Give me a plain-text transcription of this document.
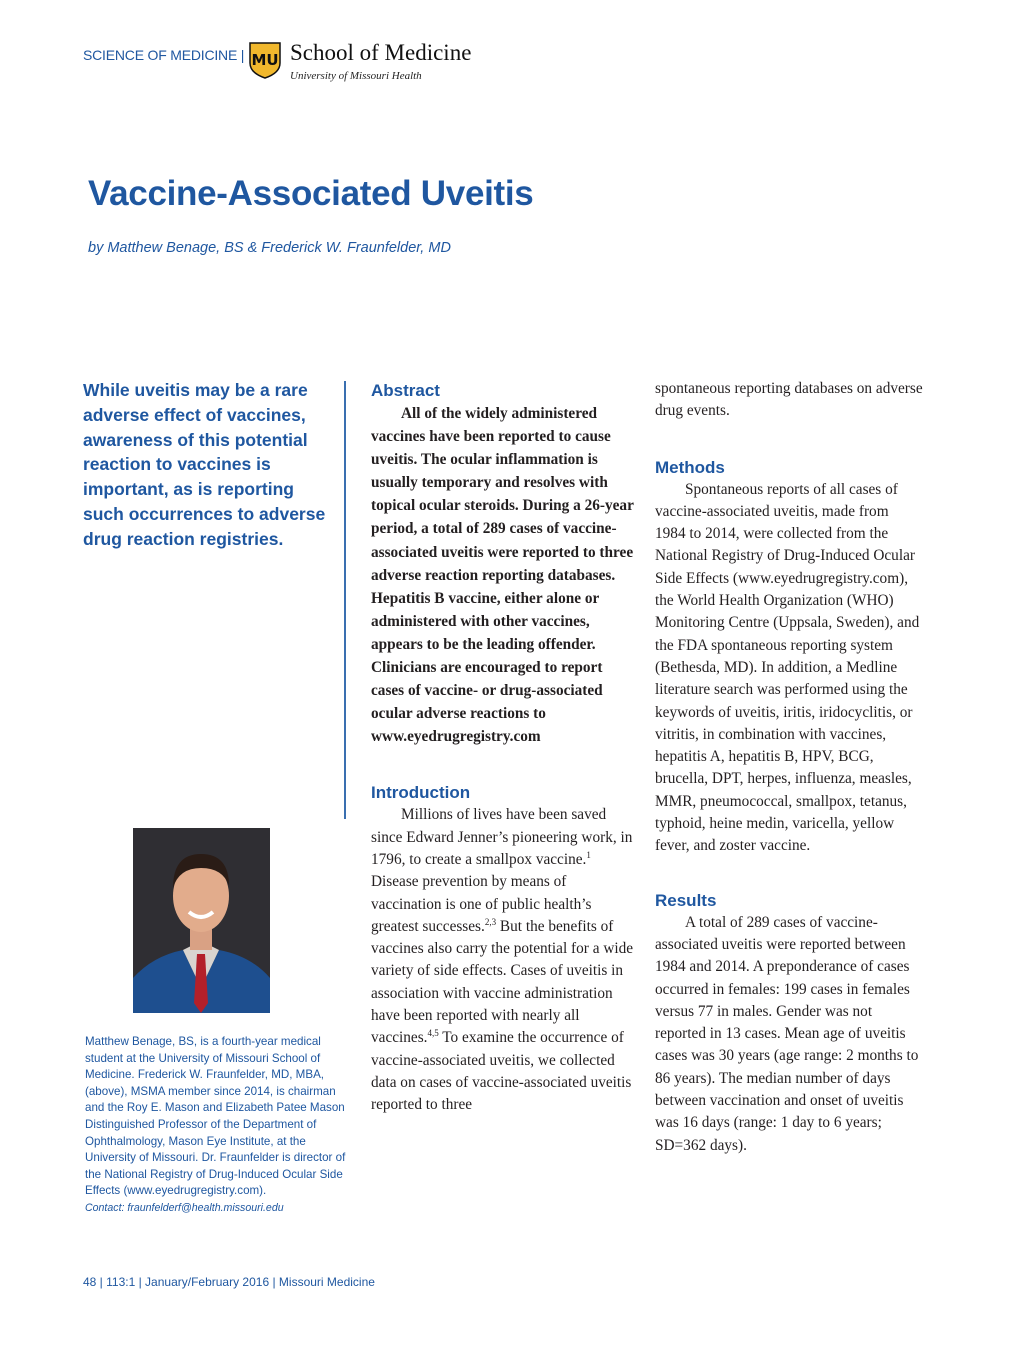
SCIENCE OF MEDICINE | MU School of Medicine
University of Missouri Health
Vaccine-Associated Uveitis
by Matthew Benage, BS & Frederick W. Fraunfelder, MD
While uveitis may be a rare adverse effect of vaccines, awareness of this potential reaction to vaccines is important, as is reporting such occurrences to adverse drug reaction registries.
Matthew Benage, BS, is a fourth-year medical student at the University of Missouri School of Medicine. Frederick W. Fraunfelder, MD, MBA, (above), MSMA member since 2014, is chairman and the Roy E. Mason and Elizabeth Patee Mason Distinguished Professor of the Department of Ophthalmology, Mason Eye Institute, at the University of Missouri. Dr. Fraunfelder is director of the National Registry of Drug-Induced Ocular Side Effects (www.eyedrugregistry.com).
Contact: fraunfelderf@health.missouri.edu
Abstract

All of the widely administered vaccines have been reported to cause uveitis. The ocular inflammation is usually temporary and resolves with topical ocular steroids. During a 26-year period, a total of 289 cases of vaccine-associated uveitis were reported to three adverse reaction reporting databases. Hepatitis B vaccine, either alone or administered with other vaccines, appears to be the leading offender. Clinicians are encouraged to report cases of vaccine- or drug-associated ocular adverse reactions to www.eyedrugregistry.com

Introduction

Millions of lives have been saved since Edward Jenner’s pioneering work, in 1796, to create a smallpox vaccine.$^1$ Disease prevention by means of vaccination is one of public health’s greatest successes.$^{2,3}$ But the benefits of vaccines also carry the potential for a wide variety of side effects. Cases of uveitis in association with vaccine administration have been reported with nearly all vaccines.$^{4,5}$ To examine the occurrence of vaccine-associated uveitis, we collected data on cases of vaccine-associated uveitis reported to three

spontaneous reporting databases on adverse drug events.

Methods

Spontaneous reports of all cases of vaccine-associated uveitis, made from 1984 to 2014, were collected from the National Registry of Drug-Induced Ocular Side Effects (www.eyedrugregistry.com), the World Health Organization (WHO) Monitoring Centre (Uppsala, Sweden), and the FDA spontaneous reporting system (Bethesda, MD). In addition, a Medline literature search was performed using the keywords of uveitis, iritis, iridocyclitis, or vitritis, in combination with vaccines, hepatitis A, hepatitis B, HPV, BCG, brucella, DPT, herpes, influenza, measles, MMR, pneumococcal, smallpox, tetanus, typhoid, heine medin, varicella, yellow fever, and zoster vaccine.

Results

A total of 289 cases of vaccine-associated uveitis were reported between 1984 and 2014. A preponderance of cases occurred in females: 199 cases in females versus 77 in males. Gender was not reported in 13 cases. Mean age of uveitis cases was 30 years (age range: 2 months to 86 years). The median number of days between vaccination and onset of uveitis was 16 days (range: 1 day to 6 years; SD=362 days).

48 | 113:1 | January/February 2016 | Missouri Medicine
